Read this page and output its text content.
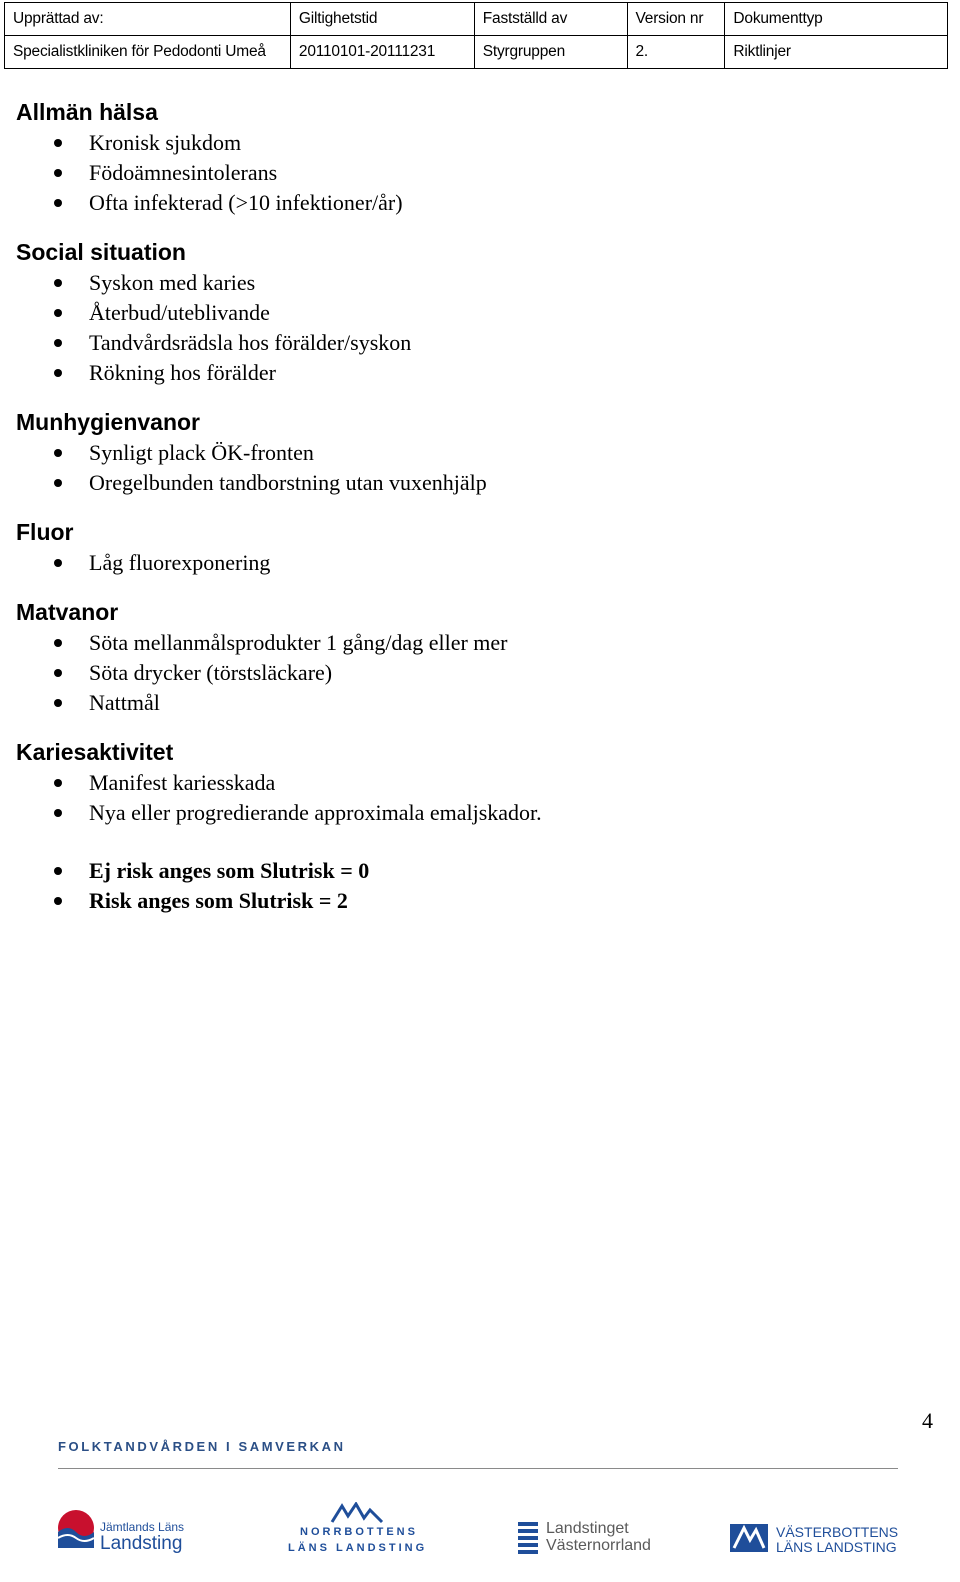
Upprättad av:	Giltighetstid	Fastställd av	Version nr	Dokumenttyp
Specialistkliniken för Pedodonti Umeå	20110101-20111231	Styrgruppen	2.	Riktlinjer
Allmän hälsa
Kronisk sjukdom
Födoämnesintolerans
Ofta infekterad (>10 infektioner/år)
Social situation
Syskon med karies
Återbud/uteblivande
Tandvårdsrädsla hos förälder/syskon
Rökning hos förälder
Munhygienvanor
Synligt plack ÖK-fronten
Oregelbunden tandborstning utan vuxenhjälp
Fluor
Låg fluorexponering
Matvanor
Söta mellanmålsprodukter 1 gång/dag eller mer
Söta drycker (törstsläckare)
Nattmål
Kariesaktivitet
Manifest kariesskada
Nya eller progredierande approximala emaljskador.
Ej risk anges som Slutrisk = 0
Risk anges som Slutrisk = 2
4
FOLKTANDVÅRDEN I SAMVERKAN
Jämtlands Läns
Landsting
NORRBOTTENS
LÄNS LANDSTING
Landstinget
Västernorrland
VÄSTERBOTTENS
LÄNS LANDSTING
